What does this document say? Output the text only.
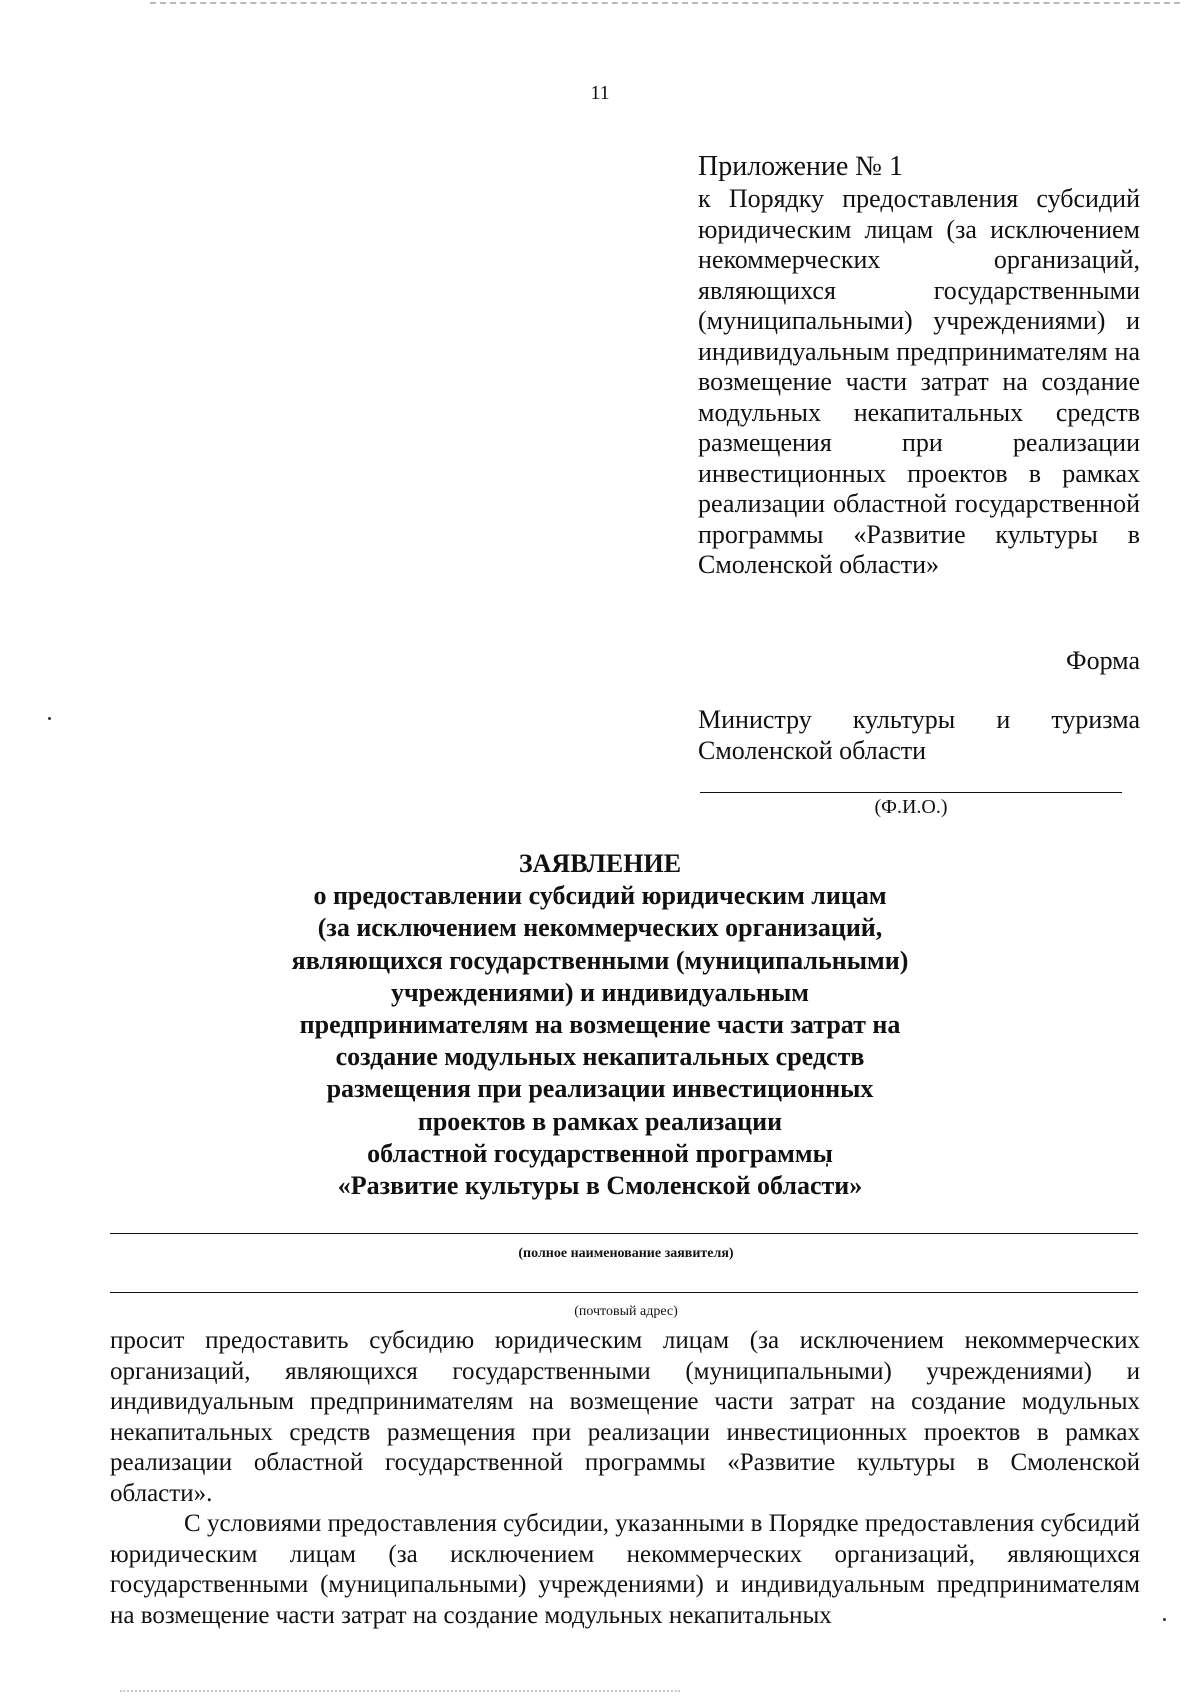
11
Приложение № 1
к Порядку предоставления субсидий юридическим лицам (за исключением некоммерческих организаций, являющихся государственными (муниципальными) учреждениями) и индивидуальным предпринимателям на возмещение части затрат на создание модульных некапитальных средств размещения при реализации инвестиционных проектов в рамках реализации областной государственной программы «Развитие культуры в Смоленской области»
Форма
Министру культуры и туризма
Смоленской области
(Ф.И.О.)
ЗАЯВЛЕНИЕ
о предоставлении субсидий юридическим лицам
(за исключением некоммерческих организаций,
являющихся государственными (муниципальными)
учреждениями) и индивидуальным
предпринимателям на возмещение части затрат на
создание модульных некапитальных средств
размещения при реализации инвестиционных
проектов в рамках реализации
областной государственной программы
«Развитие культуры в Смоленской области»
(полное наименование заявителя)
(почтовый адрес)

просит предоставить субсидию юридическим лицам (за исключением некоммерческих организаций, являющихся государственными (муниципальными) учреждениями) и индивидуальным предпринимателям на возмещение части затрат на создание модульных некапитальных средств размещения при реализации инвестиционных проектов в рамках реализации областной государственной программы «Развитие культуры в Смоленской области».

С условиями предоставления субсидии, указанными в Порядке предоставления субсидий юридическим лицам (за исключением некоммерческих организаций, являющихся государственными (муниципальными) учреждениями) и индивидуальным предпринимателям на возмещение части затрат на создание модульных некапитальных
